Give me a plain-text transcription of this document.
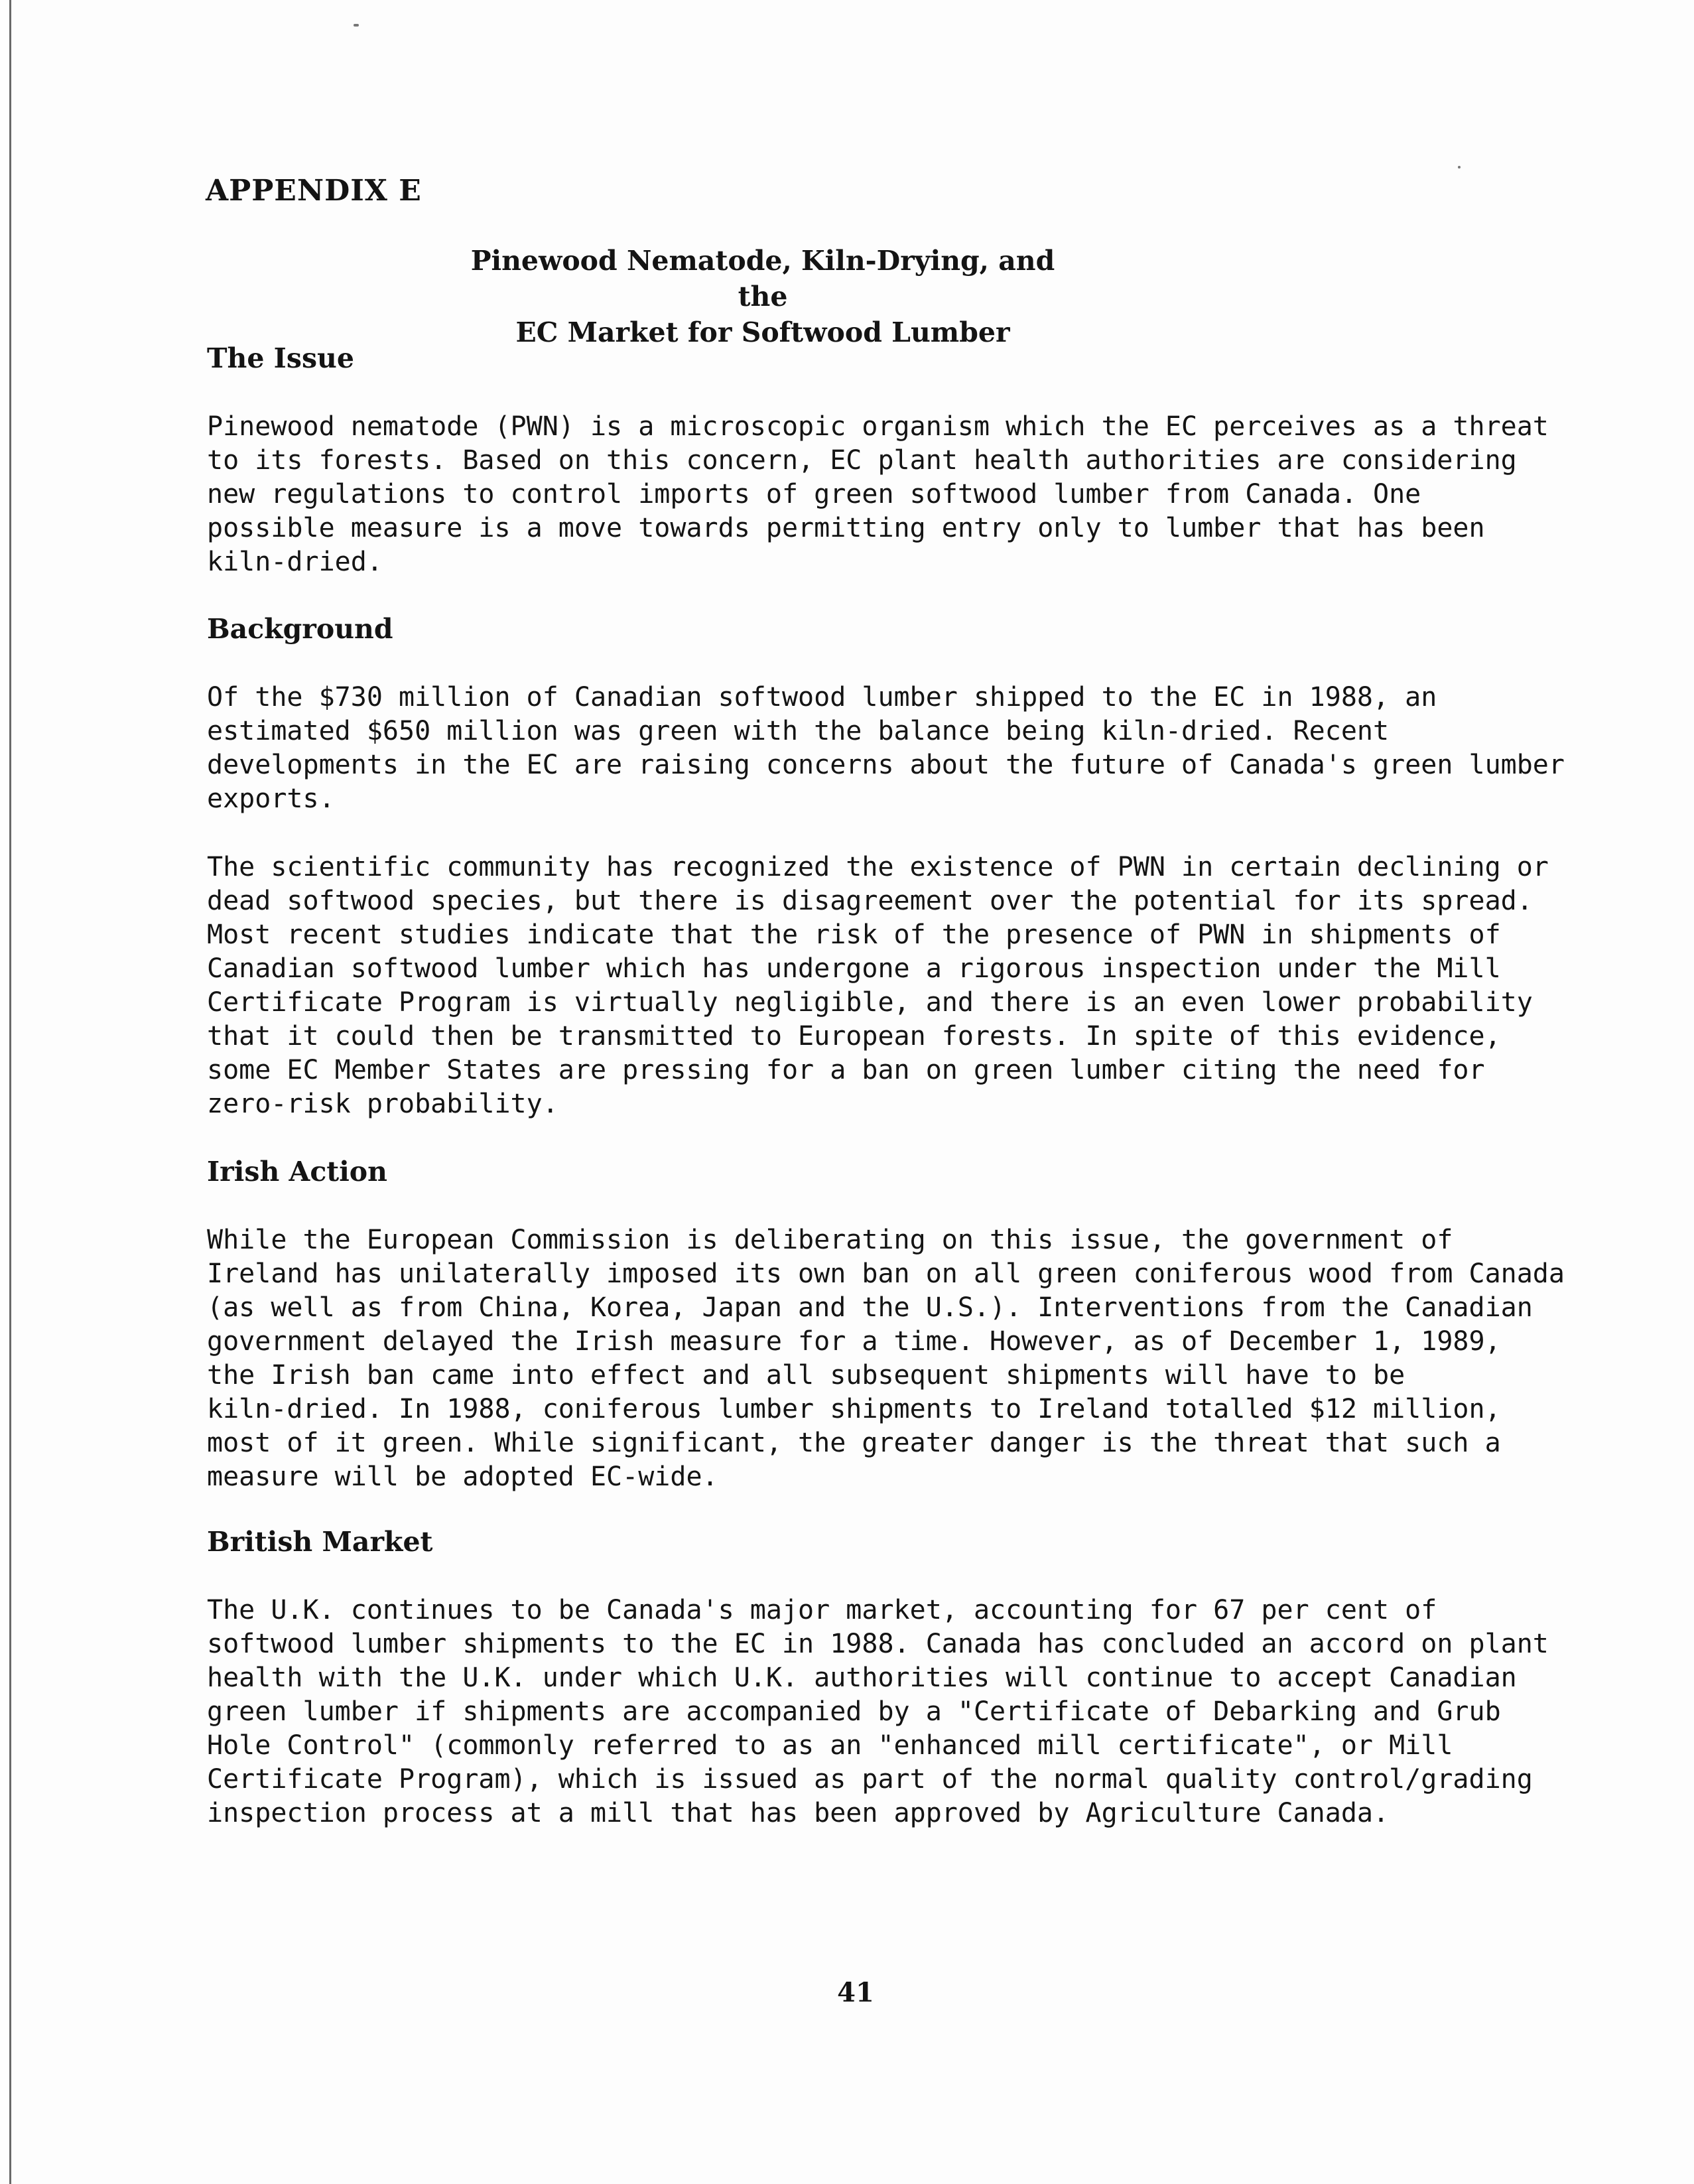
APPENDIX E
Pinewood Nematode, Kiln-Drying, and the
EC Market for Softwood Lumber
The Issue

Pinewood nematode (PWN) is a microscopic organism which the EC perceives as a threat
to its forests. Based on this concern, EC plant health authorities are considering
new regulations to control imports of green softwood lumber from Canada. One
possible measure is a move towards permitting entry only to lumber that has been
kiln-dried.

Background

Of the $730 million of Canadian softwood lumber shipped to the EC in 1988, an
estimated $650 million was green with the balance being kiln-dried. Recent
developments in the EC are raising concerns about the future of Canada's green lumber
exports.

The scientific community has recognized the existence of PWN in certain declining or
dead softwood species, but there is disagreement over the potential for its spread.
Most recent studies indicate that the risk of the presence of PWN in shipments of
Canadian softwood lumber which has undergone a rigorous inspection under the Mill
Certificate Program is virtually negligible, and there is an even lower probability
that it could then be transmitted to European forests. In spite of this evidence,
some EC Member States are pressing for a ban on green lumber citing the need for
zero-risk probability.

Irish Action

While the European Commission is deliberating on this issue, the government of
Ireland has unilaterally imposed its own ban on all green coniferous wood from Canada
(as well as from China, Korea, Japan and the U.S.). Interventions from the Canadian
government delayed the Irish measure for a time. However, as of December 1, 1989,
the Irish ban came into effect and all subsequent shipments will have to be
kiln-dried. In 1988, coniferous lumber shipments to Ireland totalled $12 million,
most of it green. While significant, the greater danger is the threat that such a
measure will be adopted EC-wide.

British Market

The U.K. continues to be Canada's major market, accounting for 67 per cent of
softwood lumber shipments to the EC in 1988. Canada has concluded an accord on plant
health with the U.K. under which U.K. authorities will continue to accept Canadian
green lumber if shipments are accompanied by a "Certificate of Debarking and Grub
Hole Control" (commonly referred to as an "enhanced mill certificate", or Mill
Certificate Program), which is issued as part of the normal quality control/grading
inspection process at a mill that has been approved by Agriculture Canada.

41
